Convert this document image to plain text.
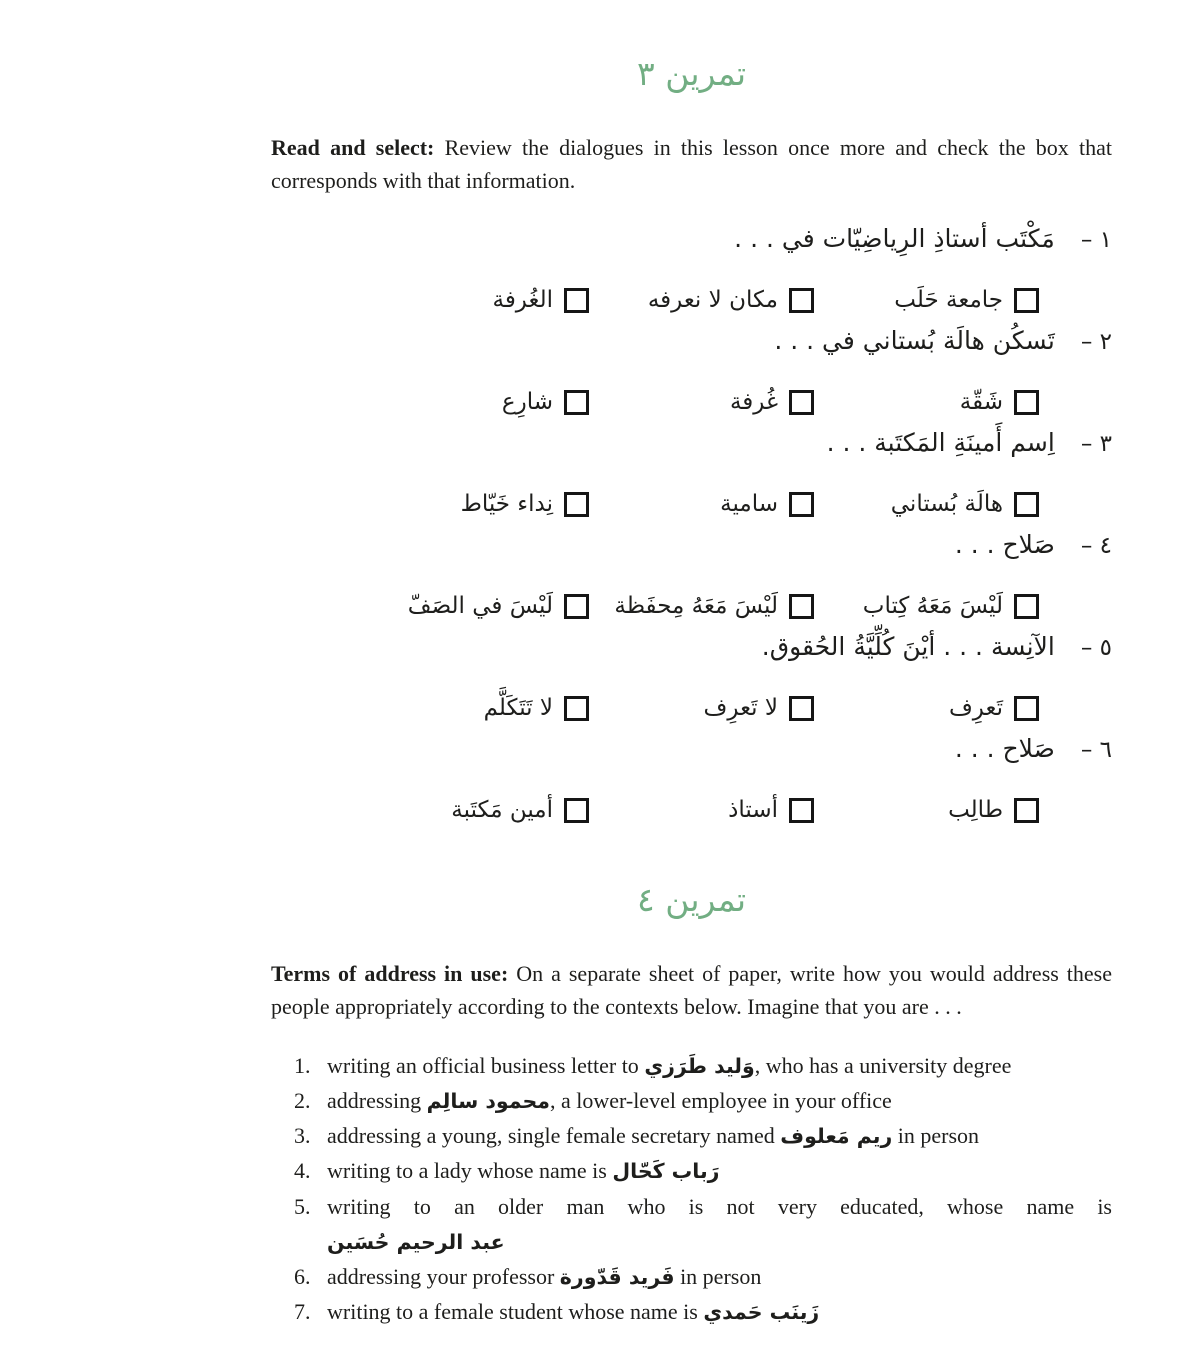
تمرين ٣

Read and select: Review the dialogues in this lesson once more and check the box that corresponds with that information.

١ –
مَكْتَب أستاذِ الرِياضِيّات في . . .
جامعة حَلَب
مكان لا نعرفه
الغُرفة
٢ –
تَسكُن هالَة بُستاني في . . .
شَقّة
غُرفة
شارِع
٣ –
اِسم أَمينَةِ المَكتَبة . . .
هالَة بُستاني
سامية
نِداء خَيّاط
٤ –
صَلاح . . .
لَيْسَ مَعَهُ كِتاب
لَيْسَ مَعَهُ مِحفَظة
لَيْسَ في الصَفّ
٥ –
الآنِسة . . . أيْنَ كُلِّيَّةُ الحُقوق.
تَعرِف
لا تَعرِف
لا تَتَكَلَّم
٦ –
صَلاح . . .
طالِب
أستاذ
أمين مَكتَبة
تمرين ٤

Terms of address in use: On a separate sheet of paper, write how you would address these people appropriately according to the contexts below. Imagine that you are . . .

1. writing an official business letter to وَليد طَرَزي, who has a university degree
2. addressing محمود سالِم, a lower-level employee in your office
3. addressing a young, single female secretary named ريم مَعلوف in person
4. writing to a lady whose name is رَباب كَحّال
5. writing to an older man who is not very educated, whose name is عبد الرحيم حُسَين
6. addressing your professor فَريد قَدّورة in person
7. writing to a female student whose name is زَينَب حَمدي
